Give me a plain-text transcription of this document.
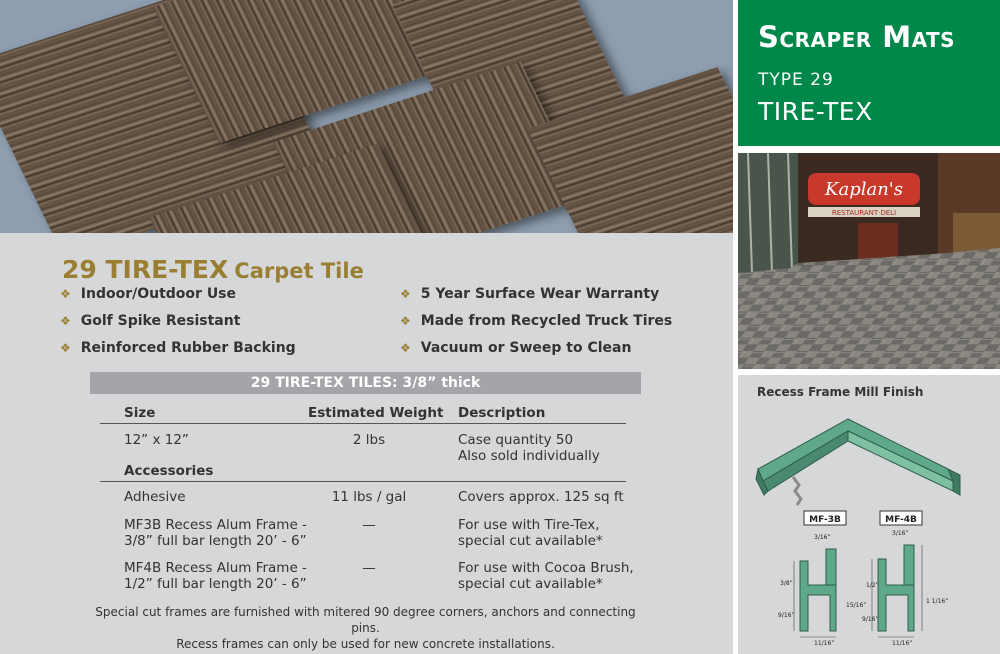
29 TIRE-TEX Carpet Tile
❖ Indoor/Outdoor Use
❖ Golf Spike Resistant
❖ Reinforced Rubber Backing
❖ 5 Year Surface Wear Warranty
❖ Made from Recycled Truck Tires
❖ Vacuum or Sweep to Clean
29 TIRE-TEX TILES: 3/8” thick
Size	Estimated Weight Description
12” x 12”	2 lbs	Case quantity 50
Also sold individually
Accessories
Adhesive	11 lbs / gal	Covers approx. 125 sq ft
MF3B Recess Alum Frame -
3/8” full bar length 20’ - 6”
—	For use with Tire-Tex,
special cut available*
MF4B Recess Alum Frame -
1/2” full bar length 20’ - 6”
—	For use with Cocoa Brush,
special cut available*
Special cut frames are furnished with mitered 90 degree corners, anchors and connecting pins.
Recess frames can only be used for new concrete installations.
Scraper Mats
TYPE 29
TIRE-TEX
Kaplan's
RESTAURANT·DELI
Recess Frame Mill Finish
MF-3B	MF-4B
3/16”
3/8”
9/16”
11/16”
3/16”
1/2”
15/16”
9/16”
1 1/16”
11/16”
